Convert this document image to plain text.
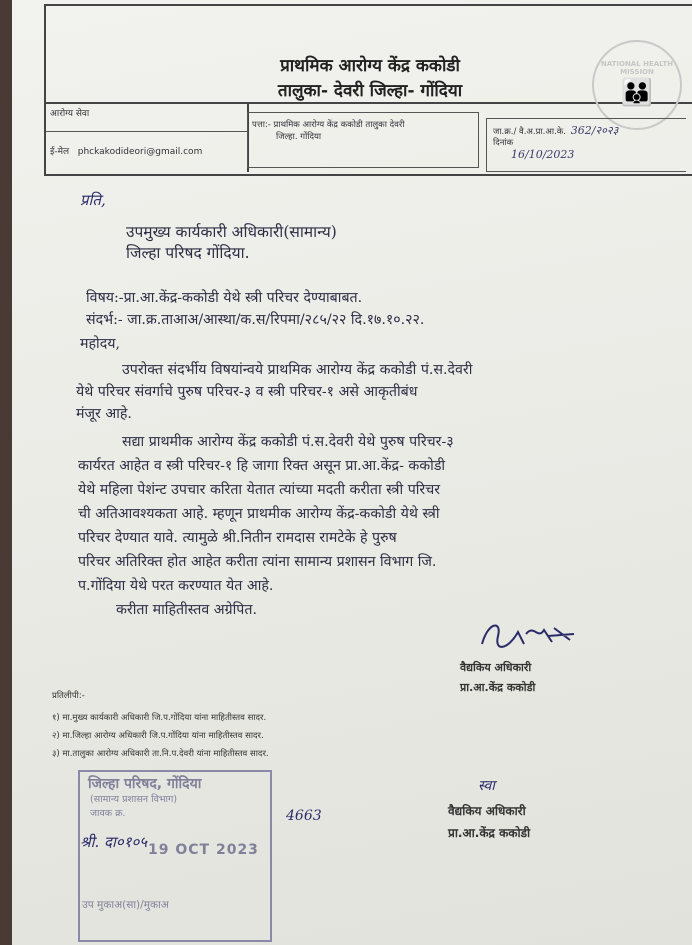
प्राथमिक आरोग्य केंद्र ककोडी
तालुका- देवरी जिल्हा- गोंदिया
NATIONAL HEALTH MISSION
👪
आरोग्य सेवा
ई-मेल phckakodideori@gmail.com
पत्ता:- प्राथमिक आरोग्य केंद्र ककोडी तालुका देवरी
जिल्हा. गोंदिया	जा.क्र./ वै.अ.प्रा.आ.के. 362/२०२३
दिनांक
16/10/2023
प्रति,
उपमुख्य कार्यकारी अधिकारी(सामान्य)
जिल्हा परिषद गोंदिया.
विषय:-प्रा.आ.केंद्र-ककोडी येथे स्त्री परिचर देण्याबाबत.
संदर्भ:- जा.क्र.ताआअ/आस्था/क.स/रिपमा/२८५/२२ दि.१७.१०.२२.
महोदय,
उपरोक्त संदर्भीय विषयांन्वये प्राथमिक आरोग्य केंद्र ककोडी पं.स.देवरी
येथे परिचर संवर्गाचे पुरुष परिचर-३ व स्त्री परिचर-१ असे आकृतीबंध
मंजूर आहे.
सद्या प्राथमीक आरोग्य केंद्र ककोडी पं.स.देवरी येथे पुरुष परिचर-३
कार्यरत आहेत व स्त्री परिचर-१ हि जागा रिक्त असून प्रा.आ.केंद्र- ककोडी
येथे महिला पेशंन्ट उपचार करिता येतात त्यांच्या मदती करीता स्त्री परिचर
ची अतिआवश्यकता आहे. म्हणून प्राथमीक आरोग्य केंद्र-ककोडी येथे स्त्री
परिचर देण्यात यावे. त्यामुळे श्री.नितीन रामदास रामटेके हे पुरुष
परिचर अतिरिक्त होत आहेत करीता त्यांना सामान्य प्रशासन विभाग जि.
प.गोंदिया येथे परत करण्यात येत आहे.
करीता माहितीस्तव अग्रेपित.
वैद्यकिय अधिकारी
प्रा.आ.केंद्र ककोडी
प्रतिलीपी:-
१) मा.मुख्य कार्यकारी अधिकारी जि.प.गोंदिया यांना माहितीस्तव सादर.
२) मा.जिल्हा आरोग्य अधिकारी जि.प.गोंदिया यांना माहितीस्तव सादर.
३) मा.तालुका आरोग्य अधिकारी ता.नि.प.देवरी यांना माहितीस्तव सादर.
जिल्हा परिषद, गोंदिया
(सामान्य प्रशासन विभाग)
जावक क्र.
श्री. दा०१०५ 19 OCT 2023
उप मुकाअ(सा)/मुकाअ
4663
स्वा
वैद्यकिय अधिकारी
प्रा.आ.केंद्र ककोडी
